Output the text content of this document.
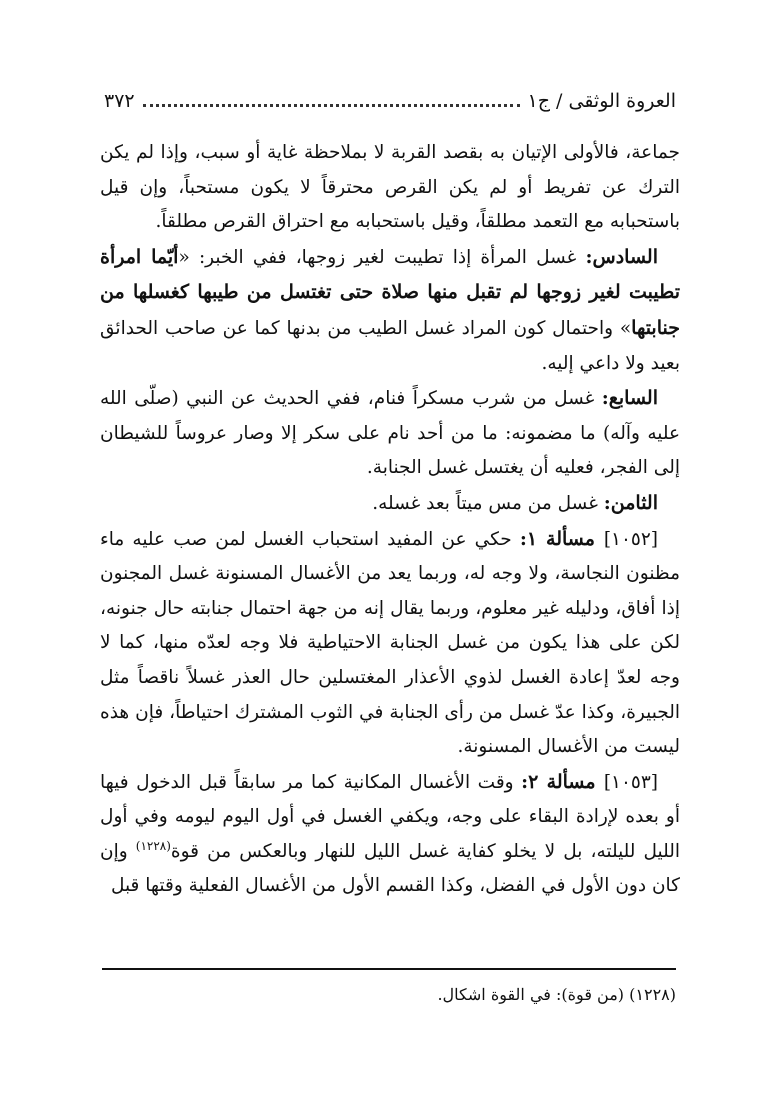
العروة الوثقى / ج١
٣٧٢

جماعة، فالأولى الإتيان به بقصد القربة لا بملاحظة غاية أو سبب، وإذا لم يكن الترك عن تفريط أو لم يكن القرص محترقاً لا يكون مستحباً، وإن قيل باستحبابه مع التعمد مطلقاً، وقيل باستحبابه مع احتراق القرص مطلقاً.

السادس: غسل المرأة إذا تطيبت لغير زوجها، ففي الخبر: «أيّما امرأة تطيبت لغير زوجها لم تقبل منها صلاة حتى تغتسل من طيبها كغسلها من جنابتها» واحتمال كون المراد غسل الطيب من بدنها كما عن صاحب الحدائق بعيد ولا داعي إليه.

السابع: غسل من شرب مسكراً فنام، ففي الحديث عن النبي (صلّى الله عليه وآله) ما مضمونه: ما من أحد نام على سكر إلا وصار عروساً للشيطان إلى الفجر، فعليه أن يغتسل غسل الجنابة.

الثامن: غسل من مس ميتاً بعد غسله.

[١٠٥٢] مسألة ١: حكي عن المفيد استحباب الغسل لمن صب عليه ماء مظنون النجاسة، ولا وجه له، وربما يعد من الأغسال المسنونة غسل المجنون إذا أفاق، ودليله غير معلوم، وربما يقال إنه من جهة احتمال جنابته حال جنونه، لكن على هذا يكون من غسل الجنابة الاحتياطية فلا وجه لعدّه منها، كما لا وجه لعدّ إعادة الغسل لذوي الأعذار المغتسلين حال العذر غسلاً ناقصاً مثل الجبيرة، وكذا عدّ غسل من رأى الجنابة في الثوب المشترك احتياطاً، فإن هذه ليست من الأغسال المسنونة.

[١٠٥٣] مسألة ٢: وقت الأغسال المكانية كما مر سابقاً قبل الدخول فيها أو بعده لإرادة البقاء على وجه، ويكفي الغسل في أول اليوم ليومه وفي أول الليل لليلته، بل لا يخلو كفاية غسل الليل للنهار وبالعكس من قوة$^{(١٢٢٨)}$ وإن كان دون الأول في الفضل، وكذا القسم الأول من الأغسال الفعلية وقتها قبل

(١٢٢٨) (من قوة): في القوة اشكال.
